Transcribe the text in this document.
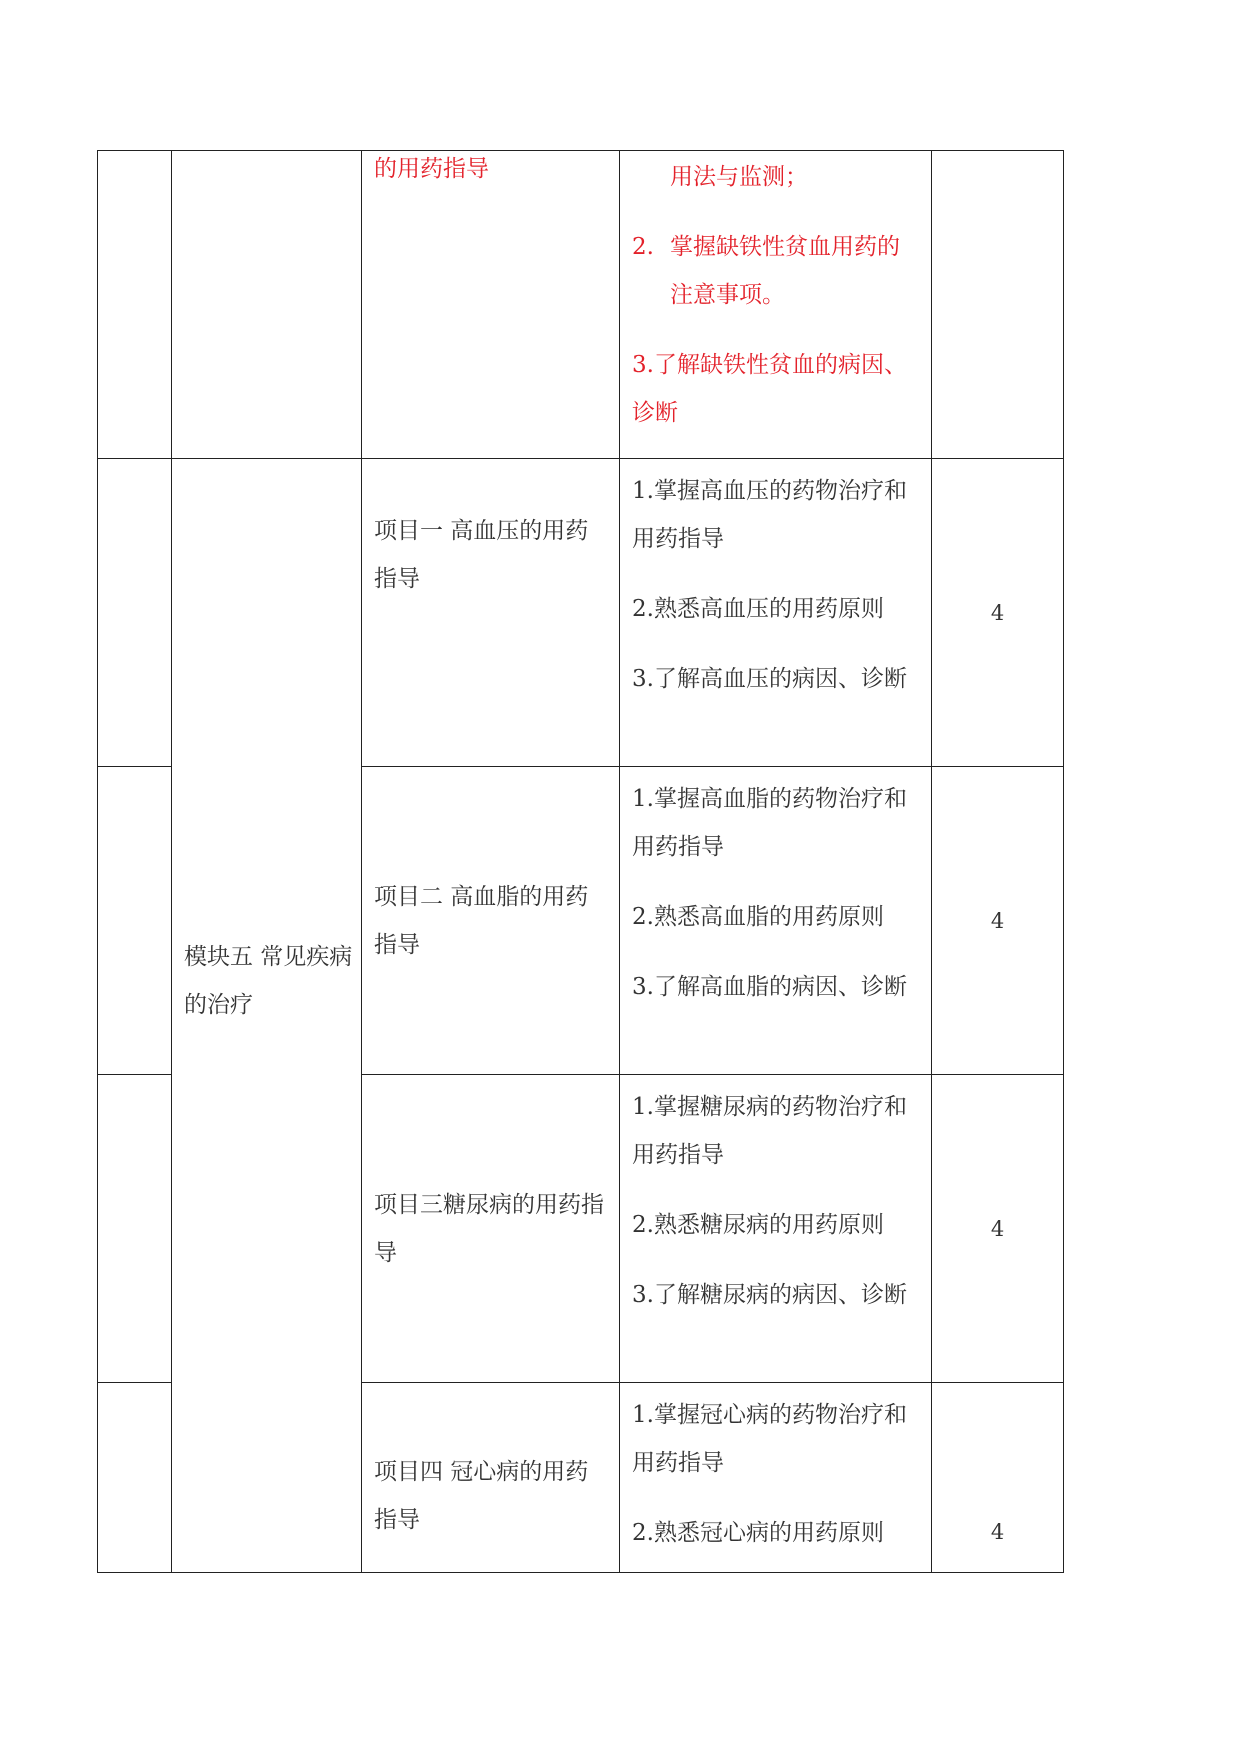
		的用药指导	用法与监测；

2. 掌握缺铁性贫血用药的注意事项。

3.了解缺铁性贫血的病因、诊断	

	模块五 常见疾病的治疗	项目一 高血压的用药指导	1.掌握高血压的药物治疗和用药指导

2.熟悉高血压的用药原则

3.了解高血压的病因、诊断	4

		项目二 高血脂的用药指导	1.掌握高血脂的药物治疗和用药指导

2.熟悉高血脂的用药原则

3.了解高血脂的病因、诊断	4

		项目三糖尿病的用药指导	1.掌握糖尿病的药物治疗和用药指导

2.熟悉糖尿病的用药原则

3.了解糖尿病的病因、诊断	4

		项目四 冠心病的用药指导	1.掌握冠心病的药物治疗和用药指导

2.熟悉冠心病的用药原则	4
